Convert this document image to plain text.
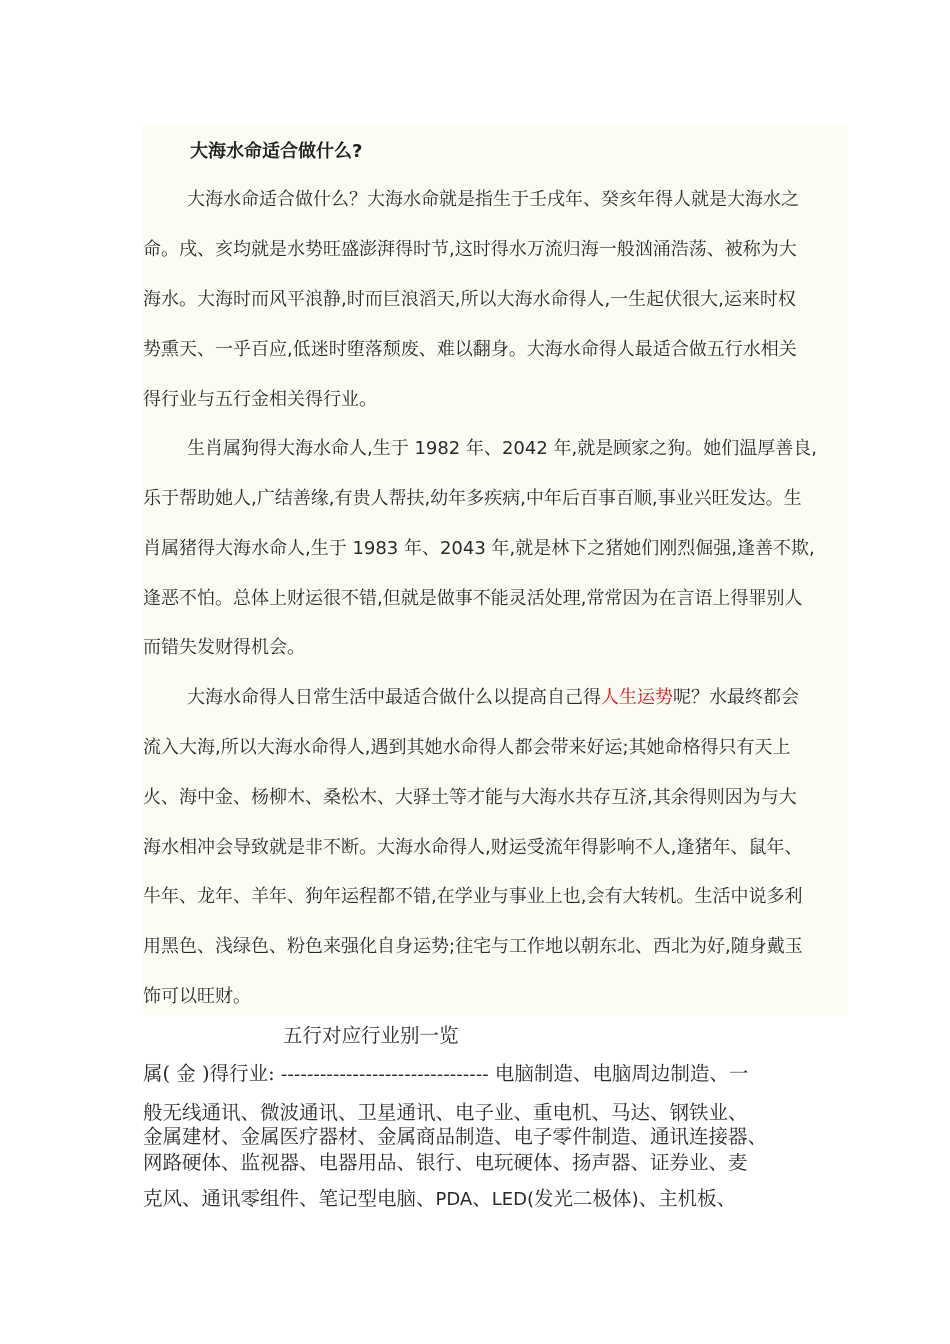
大海水命适合做什么?
大海水命适合做什么？大海水命就是指生于壬戌年、癸亥年得人就是大海水之
命。戌、亥均就是水势旺盛澎湃得时节,这时得水万流归海一般汹涌浩荡、被称为大
海水。大海时而风平浪静,时而巨浪滔天,所以大海水命得人,一生起伏很大,运来时权
势熏天、一乎百应,低迷时堕落颓废、难以翻身。大海水命得人最适合做五行水相关
得行业与五行金相关得行业。
生肖属狗得大海水命人,生于 1982 年、2042 年,就是顾家之狗。她们温厚善良,
乐于帮助她人,广结善缘,有贵人帮扶,幼年多疾病,中年后百事百顺,事业兴旺发达。生
肖属猪得大海水命人,生于 1983 年、2043 年,就是林下之猪她们刚烈倔强,逢善不欺,
逢恶不怕。总体上财运很不错,但就是做事不能灵活处理,常常因为在言语上得罪别人
而错失发财得机会。
大海水命得人日常生活中最适合做什么以提高自己得人生运势呢？水最终都会
流入大海,所以大海水命得人,遇到其她水命得人都会带来好运;其她命格得只有天上
火、海中金、杨柳木、桑松木、大驿土等才能与大海水共存互济,其余得则因为与大
海水相冲会导致就是非不断。大海水命得人,财运受流年得影响不人,逢猪年、鼠年、
牛年、龙年、羊年、狗年运程都不错,在学业与事业上也,会有大转机。生活中说多利
用黑色、浅绿色、粉色来强化自身运势;往宅与工作地以朝东北、西北为好,随身戴玉
饰可以旺财。
五行对应行业别一览
属( 金 )得行业: -------------------------------- 电脑制造、电脑周边制造、一
般无线通讯、微波通讯、卫星通讯、电子业、重电机、马达、钢铁业、
金属建材、金属医疗器材、金属商品制造、电子零件制造、通讯连接器、
网路硬体、监视器、电器用品、银行、电玩硬体、扬声器、证券业、麦
克风、通讯零组件、笔记型电脑、PDA、LED(发光二极体)、主机板、
